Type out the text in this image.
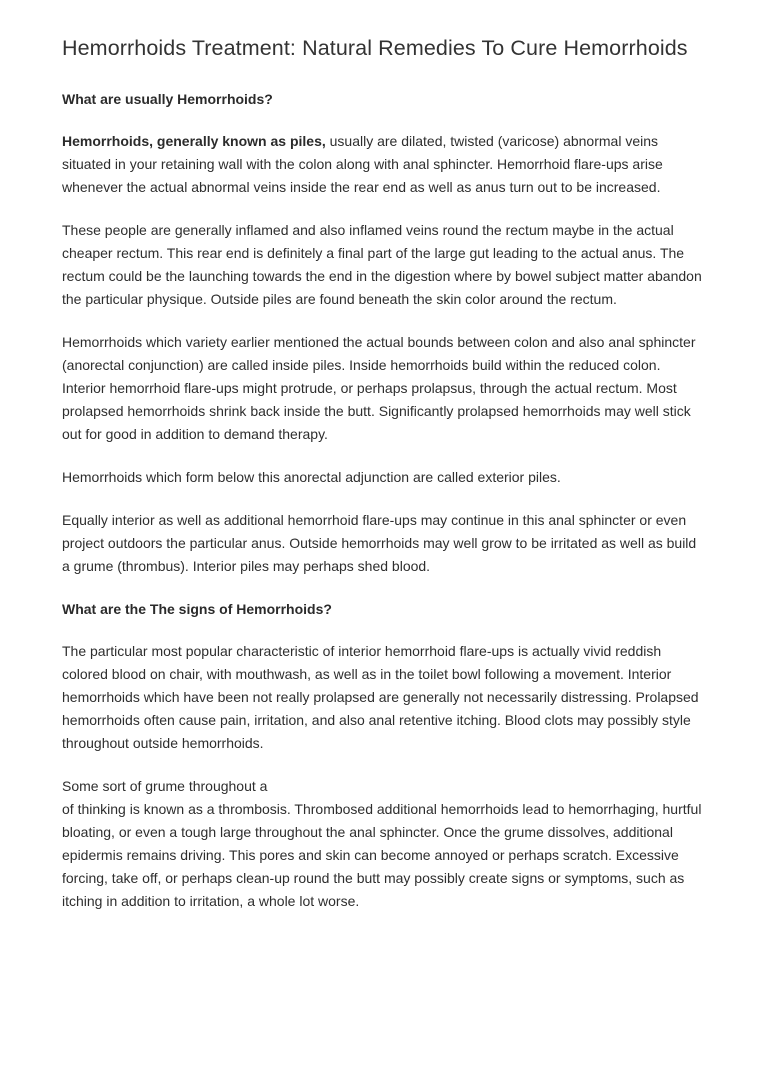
Hemorrhoids Treatment: Natural Remedies To Cure Hemorrhoids
What are usually Hemorrhoids?

Hemorrhoids, generally known as piles, usually are dilated, twisted (varicose) abnormal veins situated in your retaining wall with the colon along with anal sphincter. Hemorrhoid flare-ups arise whenever the actual abnormal veins inside the rear end as well as anus turn out to be increased.

These people are generally inflamed and also inflamed veins round the rectum maybe in the actual cheaper rectum. This rear end is definitely a final part of the large gut leading to the actual anus. The rectum could be the launching towards the end in the digestion where by bowel subject matter abandon the particular physique. Outside piles are found beneath the skin color around the rectum.

Hemorrhoids which variety earlier mentioned the actual bounds between colon and also anal sphincter (anorectal conjunction) are called inside piles. Inside hemorrhoids build within the reduced colon. Interior hemorrhoid flare-ups might protrude, or perhaps prolapsus, through the actual rectum. Most prolapsed hemorrhoids shrink back inside the butt. Significantly prolapsed hemorrhoids may well stick out for good in addition to demand therapy.

Hemorrhoids which form below this anorectal adjunction are called exterior piles.

Equally interior as well as additional hemorrhoid flare-ups may continue in this anal sphincter or even project outdoors the particular anus. Outside hemorrhoids may well grow to be irritated as well as build a grume (thrombus). Interior piles may perhaps shed blood.

What are the The signs of Hemorrhoids?

The particular most popular characteristic of interior hemorrhoid flare-ups is actually vivid reddish colored blood on chair, with mouthwash, as well as in the toilet bowl following a movement. Interior hemorrhoids which have been not really prolapsed are generally not necessarily distressing. Prolapsed hemorrhoids often cause pain, irritation, and also anal retentive itching. Blood clots may possibly style throughout outside hemorrhoids.

Some sort of grume throughout a
of thinking is known as a thrombosis. Thrombosed additional hemorrhoids lead to hemorrhaging, hurtful bloating, or even a tough large throughout the anal sphincter. Once the grume dissolves, additional epidermis remains driving. This pores and skin can become annoyed or perhaps scratch. Excessive forcing, take off, or perhaps clean-up round the butt may possibly create signs or symptoms, such as itching in addition to irritation, a whole lot worse.
